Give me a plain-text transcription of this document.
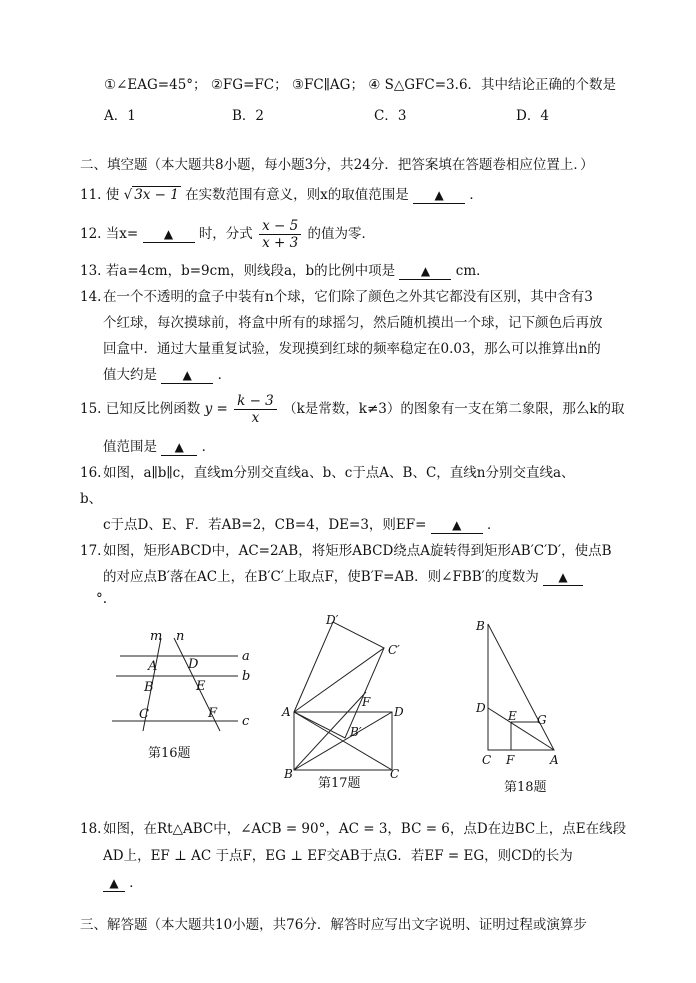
①∠EAG=45°； ②FG=FC； ③FC∥AG； ④ S△GFC=3.6．其中结论正确的个数是
A．1	B．2	C．3	D．4
二、填空题（本大题共8小题，每小题3分，共24分．把答案填在答题卷相应位置上．）
11. 使 √ 3x − 1 在实数范围有意义，则x的取值范围是 ▲ ．
12. 当x= ▲ 时，分式 $\frac{x - 5}{x + 3}$ 的值为零．
13. 若a=4cm，b=9cm，则线段a，b的比例中项是 ▲ cm．
14. 在一个不透明的盒子中装有n个球，它们除了颜色之外其它都没有区别，其中含有3
个红球，每次摸球前，将盒中所有的球摇匀，然后随机摸出一个球，记下颜色后再放
回盒中．通过大量重复试验，发现摸到红球的频率稳定在0.03，那么可以推算出n的
值大约是 ▲ ．
15. 已知反比例函数 $y = \frac{k - 3}{x} (k$是常数，k≠3）的图象有一支在第二象限，那么k的取
值范围是 ▲ ．
16. 如图，a∥b∥c，直线m分别交直线a、b、c于点A、B、C，直线n分别交直线a、
b、
c于点D、E、F．若AB=2，CB=4，DE=3，则EF= ▲ ．
17. 如图，矩形ABCD中，AC=2AB，将矩形ABCD绕点A旋转得到矩形AB′C′D′，使点B
的对应点B′落在AC上，在B′C′上取点F，使B′F=AB．则∠FBB′的度数为 ▲
°.
m n
A D
a
B	E
b
C	F
c
第16题
D′
C′
F
A	D
B′
B	C
第17题
B
D
E G
C F	A
第18题
18. 如图，在Rt△ABC中，∠ACB = 90°，AC = 3，BC = 6，点D在边BC上，点E在线段
AD上，EF ⊥ AC 于点F，EG ⊥ EF交AB于点G．若EF = EG，则CD的长为
▲ ．
三、解答题（本大题共10小题，共76分．解答时应写出文字说明、证明过程或演算步
